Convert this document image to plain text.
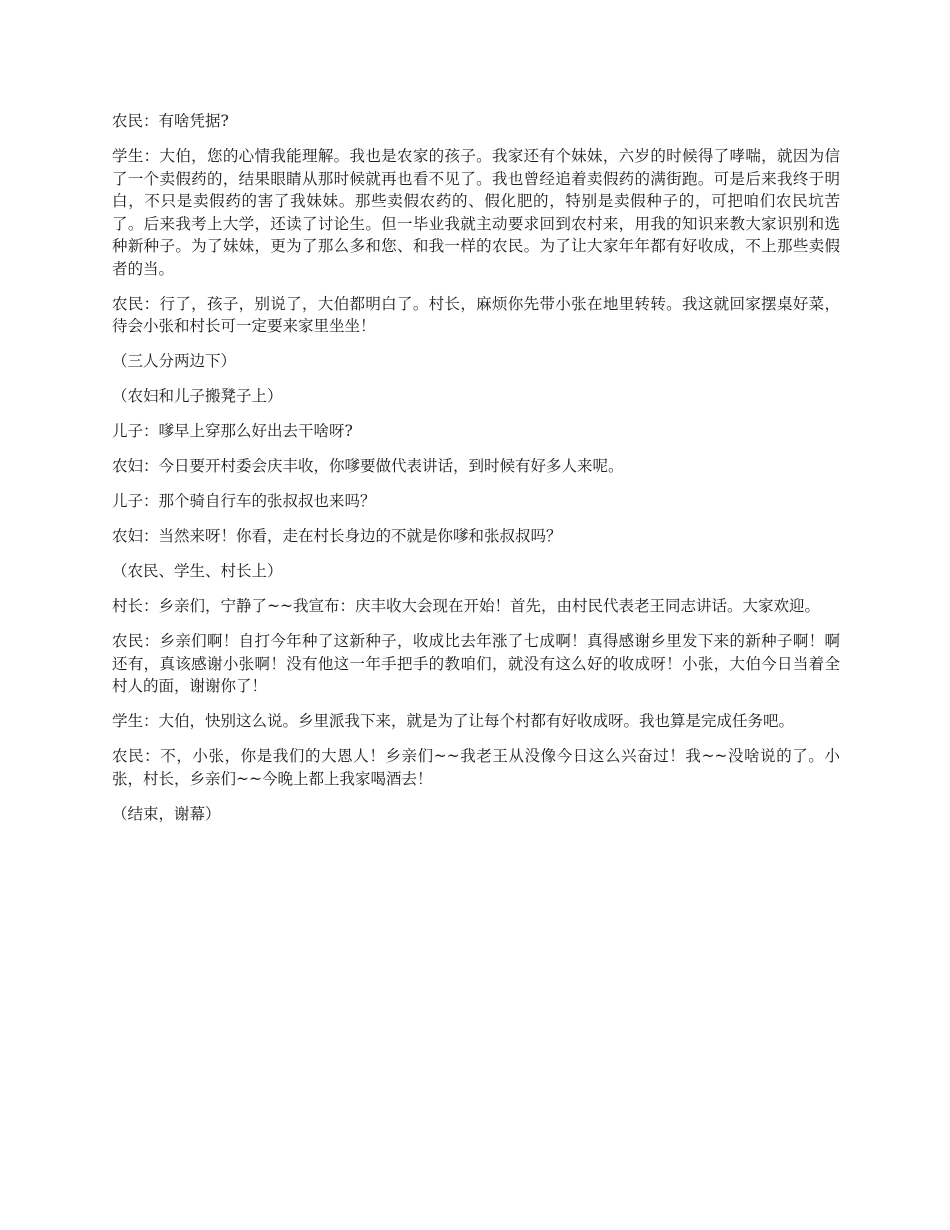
农民：有啥凭据?

学生：大伯，您的心情我能理解。我也是农家的孩子。我家还有个妹妹，六岁的时候得了哮喘，就因为信了一个卖假药的，结果眼睛从那时候就再也看不见了。我也曾经追着卖假药的满街跑。可是后来我终于明白，不只是卖假药的害了我妹妹。那些卖假农药的、假化肥的，特别是卖假种子的，可把咱们农民坑苦了。后来我考上大学，还读了讨论生。但一毕业我就主动要求回到农村来，用我的知识来教大家识别和选种新种子。为了妹妹，更为了那么多和您、和我一样的农民。为了让大家年年都有好收成，不上那些卖假者的当。

农民：行了，孩子，别说了，大伯都明白了。村长，麻烦你先带小张在地里转转。我这就回家摆桌好菜，待会小张和村长可一定要来家里坐坐！

（三人分两边下）

（农妇和儿子搬凳子上）

儿子：嗲早上穿那么好出去干啥呀?

农妇：今日要开村委会庆丰收，你嗲要做代表讲话，到时候有好多人来呢。

儿子：那个骑自行车的张叔叔也来吗？

农妇：当然来呀！你看，走在村长身边的不就是你嗲和张叔叔吗？

（农民、学生、村长上）

村长：乡亲们，宁静了~~我宣布：庆丰收大会现在开始！首先，由村民代表老王同志讲话。大家欢迎。

农民：乡亲们啊！自打今年种了这新种子，收成比去年涨了七成啊！真得感谢乡里发下来的新种子啊！啊还有，真该感谢小张啊！没有他这一年手把手的教咱们，就没有这么好的收成呀！小张，大伯今日当着全村人的面，谢谢你了！

学生：大伯，快别这么说。乡里派我下来，就是为了让每个村都有好收成呀。我也算是完成任务吧。

农民：不，小张，你是我们的大恩人！乡亲们~~我老王从没像今日这么兴奋过！我~~没啥说的了。小张，村长，乡亲们~~今晚上都上我家喝酒去！

（结束，谢幕）
